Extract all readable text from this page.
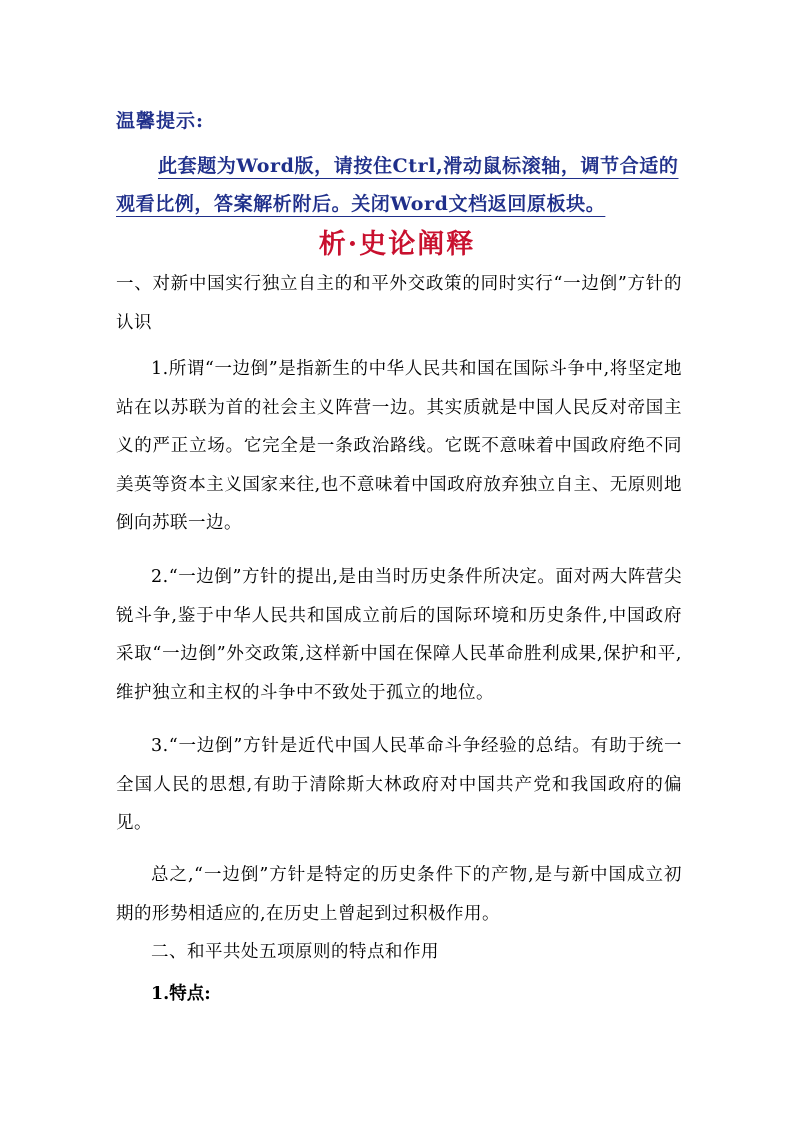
温馨提示:
此套题为Word版，请按住Ctrl,滑动鼠标滚轴，调节合适的观看比例，答案解析附后。关闭Word文档返回原板块。
析·史论阐释
一、对新中国实行独立自主的和平外交政策的同时实行“一边倒”方针的认识
1.所谓“一边倒”是指新生的中华人民共和国在国际斗争中,将坚定地站在以苏联为首的社会主义阵营一边。其实质就是中国人民反对帝国主义的严正立场。它完全是一条政治路线。它既不意味着中国政府绝不同美英等资本主义国家来往,也不意味着中国政府放弃独立自主、无原则地倒向苏联一边。
2.“一边倒”方针的提出,是由当时历史条件所决定。面对两大阵营尖锐斗争,鉴于中华人民共和国成立前后的国际环境和历史条件,中国政府采取“一边倒”外交政策,这样新中国在保障人民革命胜利成果,保护和平,维护独立和主权的斗争中不致处于孤立的地位。
3.“一边倒”方针是近代中国人民革命斗争经验的总结。有助于统一全国人民的思想,有助于清除斯大林政府对中国共产党和我国政府的偏见。
总之,“一边倒”方针是特定的历史条件下的产物,是与新中国成立初期的形势相适应的,在历史上曾起到过积极作用。
二、和平共处五项原则的特点和作用
1.特点:
